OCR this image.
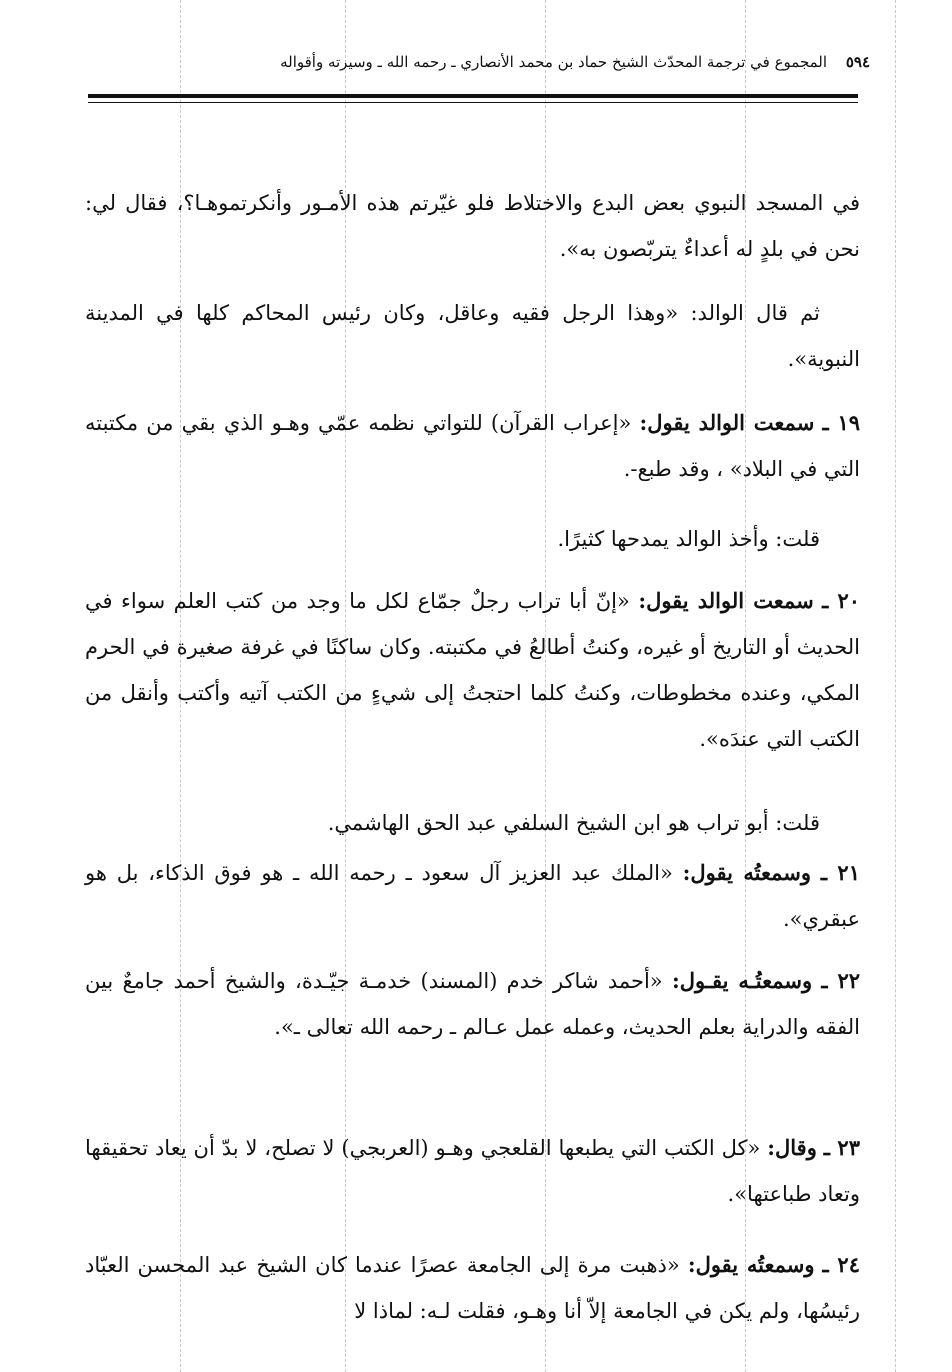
٥٩٤ المجموع في ترجمة المحدّث الشيخ حماد بن محمد الأنصاري ـ رحمه الله ـ وسيرته وأقواله
في المسجد النبوي بعض البدع والاختلاط فلو غيّرتم هذه الأمـور وأنكرتموهـا؟، فقال لي: نحن في بلدٍ له أعداءٌ يتربّصون به».
ثم قال الوالد: «وهذا الرجل فقيه وعاقل، وكان رئيس المحاكم كلها في المدينة النبوية».
١٩ ـ سمعت الوالد يقول: «إعراب القرآن) للتواتي نظمه عمّي وهـو الذي بقي من مكتبته التي في البلاد» ، وقد طبع-.
قلت: وأخذ الوالد يمدحها كثيرًا.
٢٠ ـ سمعت الوالد يقول: «إنّ أبا تراب رجلٌ جمّاع لكل ما وجد من كتب العلم سواء في الحديث أو التاريخ أو غيره، وكنتُ أطالعُ في مكتبته. وكان ساكنًا في غرفة صغيرة في الحرم المكي، وعنده مخطوطات، وكنتُ كلما احتجتُ إلى شيءٍ من الكتب آتيه وأكتب وأنقل من الكتب التي عندَه».
قلت: أبو تراب هو ابن الشيخ السلفي عبد الحق الهاشمي.
٢١ ـ وسمعتُه يقول: «الملك عبد العزيز آل سعود ـ رحمه الله ـ هو فوق الذكاء، بل هو عبقري».
٢٢ ـ وسمعتُـه يقـول: «أحمد شاكر خدم (المسند) خدمـة جيّـدة، والشيخ أحمد جامعٌ بين الفقه والدراية بعلم الحديث، وعمله عمل عـالم ـ رحمه الله تعالى ـ».
٢٣ ـ وقال: «كل الكتب التي يطبعها القلعجي وهـو (العربجي) لا تصلح، لا بدّ أن يعاد تحقيقها وتعاد طباعتها».
٢٤ ـ وسمعتُه يقول: «ذهبت مرة إلى الجامعة عصرًا عندما كان الشيخ عبد المحسن العبّاد رئيسُها، ولم يكن في الجامعة إلاّ أنا وهـو، فقلت لـه: لماذا لا
